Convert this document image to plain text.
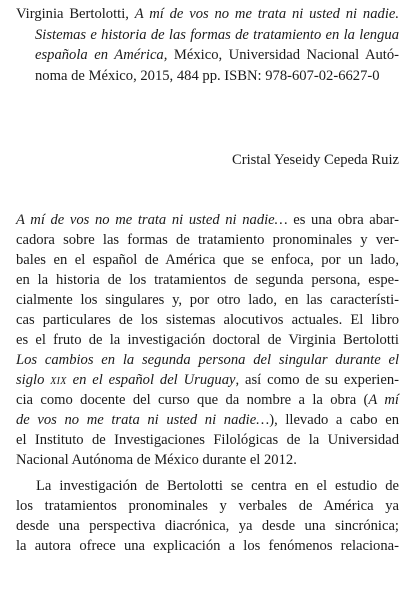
Virginia Bertolotti, A mí de vos no me trata ni usted ni nadie.
Sistemas e historia de las formas de tratamiento en la lengua
española en América, México, Universidad Nacional Autó-
noma de México, 2015, 484 pp. ISBN: 978-607-02-6627-0
Cristal Yeseidy Cepeda Ruiz
A mí de vos no me trata ni usted ni nadie… es una obra abar-
cadora sobre las formas de tratamiento pronominales y ver-
bales en el español de América que se enfoca, por un lado,
en la historia de los tratamientos de segunda persona, espe-
cialmente los singulares y, por otro lado, en las característi-
cas particulares de los sistemas alocutivos actuales. El libro
es el fruto de la investigación doctoral de Virginia Bertolotti
Los cambios en la segunda persona del singular durante el
siglo xix en el español del Uruguay, así como de su experien-
cia como docente del curso que da nombre a la obra (A mí
de vos no me trata ni usted ni nadie…), llevado a cabo en
el Instituto de Investigaciones Filológicas de la Universidad
Nacional Autónoma de México durante el 2012.
La investigación de Bertolotti se centra en el estudio de
los tratamientos pronominales y verbales de América ya
desde una perspectiva diacrónica, ya desde una sincrónica;
la autora ofrece una explicación a los fenómenos relaciona-
